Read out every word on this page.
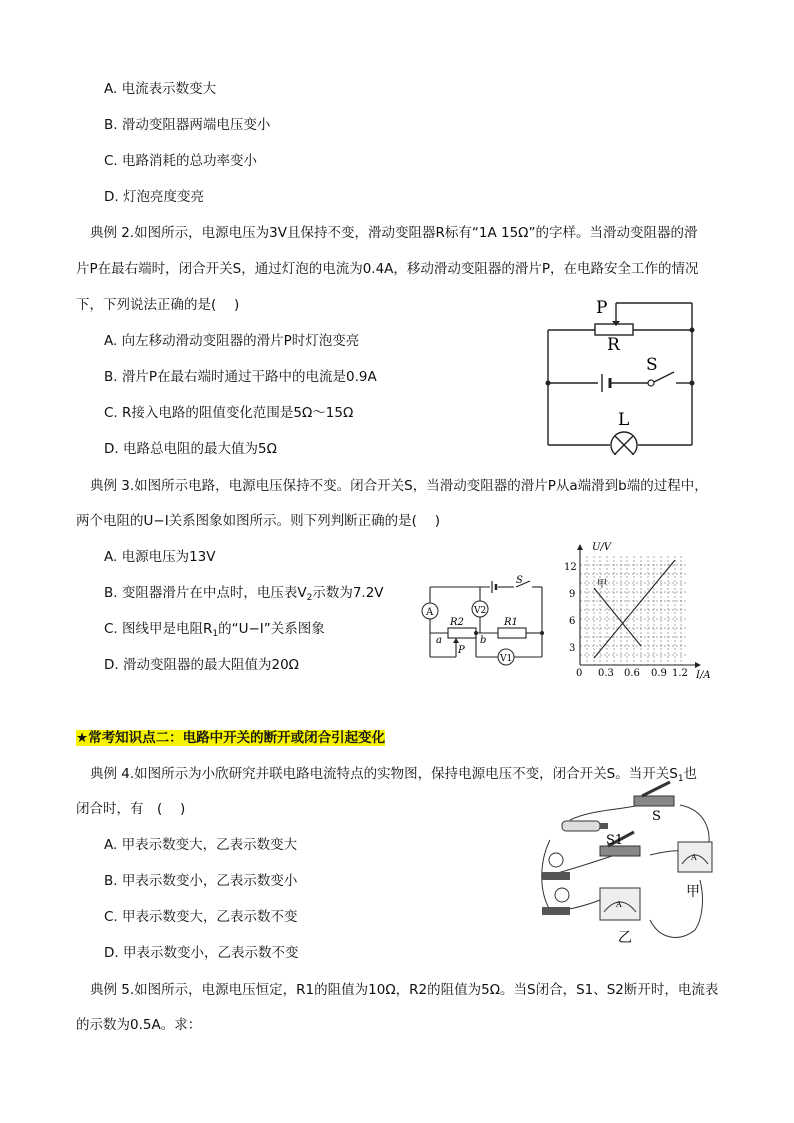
A. 电流表示数变大
B. 滑动变阻器两端电压变小
C. 电路消耗的总功率变小
D. 灯泡亮度变亮
典例 2.如图所示，电源电压为3V且保持不变，滑动变阻器R标有“1A 15Ω”的字样。当滑动变阻器的滑
片P在最右端时，闭合开关S，通过灯泡的电流为0.4A，移动滑动变阻器的滑片P，在电路安全工作的情况
下，下列说法正确的是(　 )
A. 向左移动滑动变阻器的滑片P时灯泡变亮
B. 滑片P在最右端时通过干路中的电流是0.9A
C. R接入电路的阻值变化范围是5Ω～15Ω
D. 电路总电阻的最大值为5Ω
P
R
S
L
典例 3.如图所示电路，电源电压保持不变。闭合开关S，当滑动变阻器的滑片P从a端滑到b端的过程中，
两个电阻的U−I关系图象如图所示。则下列判断正确的是(　 )
A. 电源电压为13V
B. 变阻器滑片在中点时，电压表$V_2$示数为7.2V
C. 图线甲是电阻$R_1$的“U−I”关系图象
D. 滑动变阻器的最大阻值为20Ω
A	V2
V1
R2	R1
a	b
P
S
U/V
I/A
12
9
6
3
0 0.3 0.6 0.9 1.2
甲
★常考知识点二：电路中开关的断开或闭合引起变化
典例 4.如图所示为小欣研究并联电路电流特点的实物图，保持电源电压不变，闭合开关S。当开关$S_1$也
闭合时，有　(　 )
A. 甲表示数变大，乙表示数变大
B. 甲表示数变小，乙表示数变小
C. 甲表示数变大，乙表示数不变
D. 甲表示数变小，乙表示数不变
S
S1
甲
乙
A
A
典例 5.如图所示，电源电压恒定，R1的阻值为10Ω，R2的阻值为5Ω。当S闭合，S1、S2断开时，电流表
的示数为0.5A。求：
